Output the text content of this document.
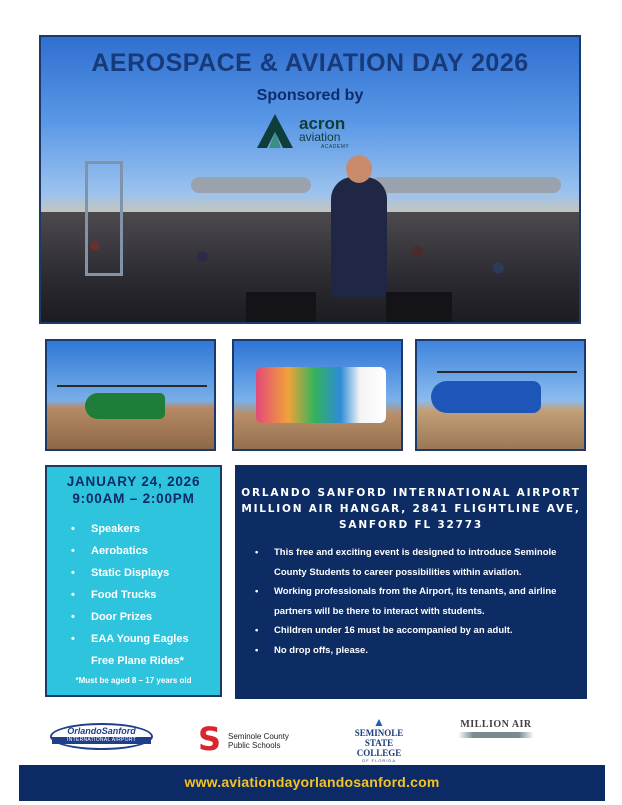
AEROSPACE & AVIATION DAY 2026
Sponsored by
acron
aviation
ACADEMY
JANUARY 24, 2026
9:00AM – 2:00PM
• Speakers
• Aerobatics
• Static Displays
• Food Trucks
• Door Prizes
• EAA Young Eagles
Free Plane Rides*
*Must be aged 8 – 17 years old
ORLANDO SANFORD INTERNATIONAL AIRPORT
MILLION AIR HANGAR, 2841 FLIGHTLINE AVE,
SANFORD FL 32773
• This free and exciting event is designed to introduce Seminole County Students to career possibilities within aviation.
• Working professionals from the Airport, its tenants, and airline partners will be there to interact with students.
• Children under 16 must be accompanied by an adult.
• No drop offs, please.
OrlandoSanford
INTERNATIONAL AIRPORT	S Seminole County
Public Schools
▲
SEMINOLE
STATE COLLEGE
OF FLORIDA
MILLION AIR
www.aviationdayorlandosanford.com
